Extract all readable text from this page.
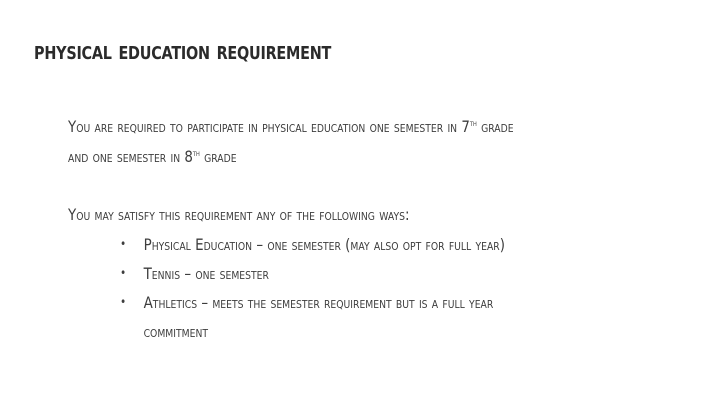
physical education requirement
You are required to participate in physical education one semester in 7th grade
and one semester in 8th grade
You may satisfy this requirement any of the following ways:
• Physical Education – one semester (may also opt for full year)
• Tennis – one semester
• Athletics – meets the semester requirement but is a full year
commitment
